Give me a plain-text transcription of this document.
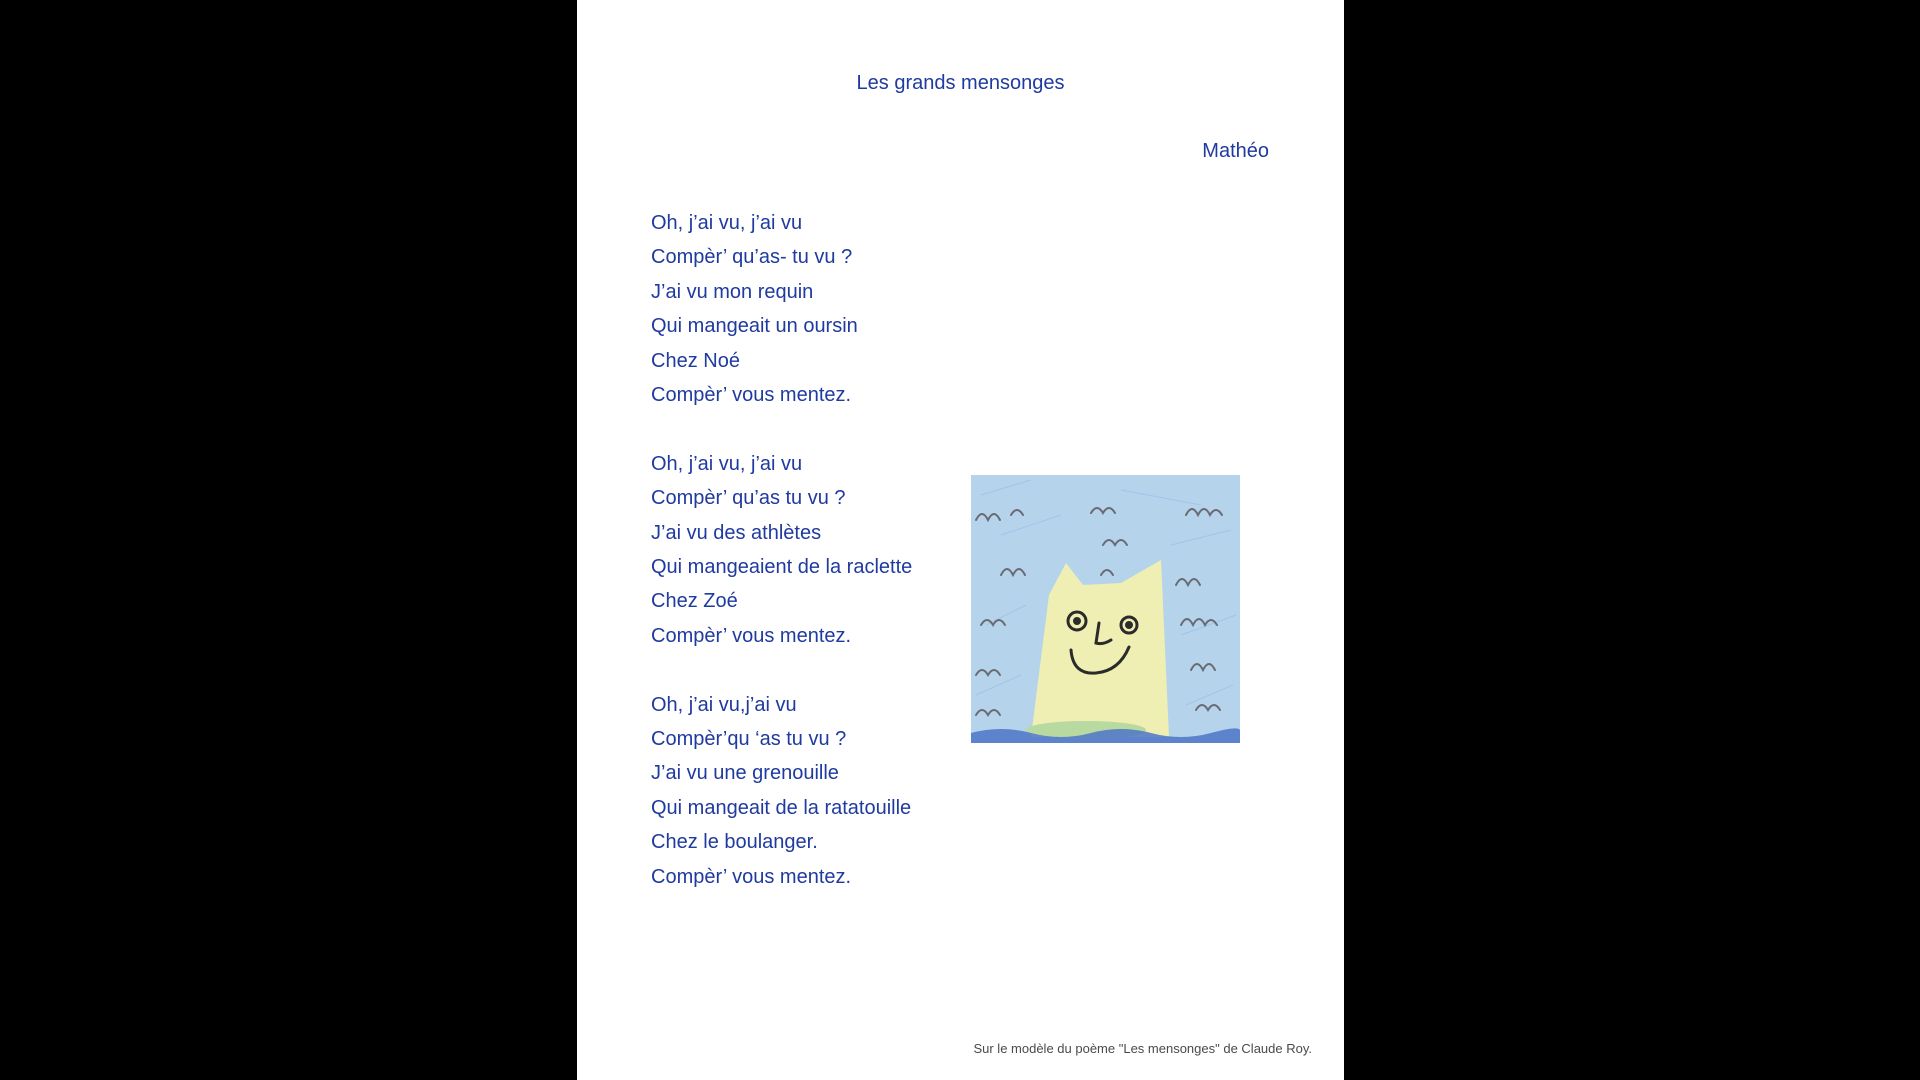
Les grands mensonges
Mathéo
Oh, j’ai vu, j’ai vu
Compèr’ qu’as- tu vu ?
J’ai vu mon requin
Qui mangeait un oursin
Chez Noé
Compèr’ vous mentez.
Oh, j’ai vu, j’ai vu
Compèr’ qu’as tu vu ?
J’ai vu des athlètes
Qui mangeaient de la raclette
Chez Zoé
Compèr’ vous mentez.
Oh, j’ai vu,j’ai vu
Compèr’qu ‘as tu vu ?
J’ai vu une grenouille
Qui mangeait de la ratatouille
Chez le boulanger.
Compèr’ vous mentez.
Sur le modèle du poème "Les mensonges" de Claude Roy.
